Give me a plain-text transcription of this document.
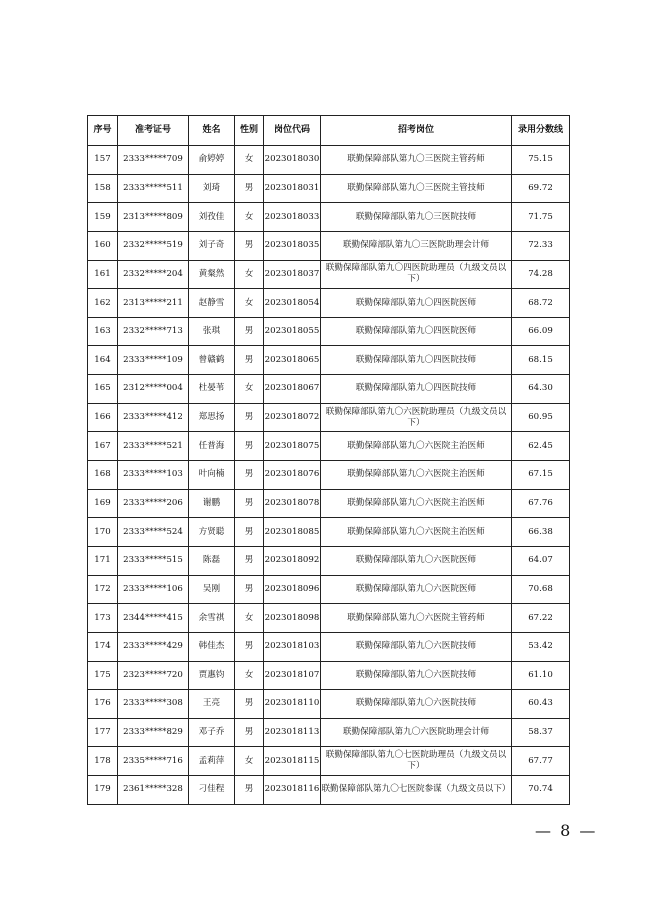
序号	准考证号	姓名	性别	岗位代码	招考岗位	录用分数线
157	2333*****709	俞婷婷	女	2023018030	联勤保障部队第九〇三医院主管药师	75.15
158	2333*****511	刘琦	男	2023018031	联勤保障部队第九〇三医院主管技师	69.72
159	2313*****809	刘孜佳	女	2023018033	联勤保障部队第九〇三医院技师	71.75
160	2332*****519	刘子奇	男	2023018035	联勤保障部队第九〇三医院助理会计师	72.33
161	2332*****204	黄粲然	女	2023018037	联勤保障部队第九〇四医院助理员（九级文员以下）	74.28
162	2313*****211	赵静雪	女	2023018054	联勤保障部队第九〇四医院医师	68.72
163	2332*****713	张琪	男	2023018055	联勤保障部队第九〇四医院医师	66.09
164	2333*****109	曾赣鹤	男	2023018065	联勤保障部队第九〇四医院技师	68.15
165	2312*****004	杜晏苇	女	2023018067	联勤保障部队第九〇四医院技师	64.30
166	2333*****412	郑思扬	男	2023018072	联勤保障部队第九〇六医院助理员（九级文员以下）	60.95
167	2333*****521	任普海	男	2023018075	联勤保障部队第九〇六医院主治医师	62.45
168	2333*****103	叶向楠	男	2023018076	联勤保障部队第九〇六医院主治医师	67.15
169	2333*****206	谢鹏	男	2023018078	联勤保障部队第九〇六医院主治医师	67.76
170	2333*****524	方贤聪	男	2023018085	联勤保障部队第九〇六医院主治医师	66.38
171	2333*****515	陈磊	男	2023018092	联勤保障部队第九〇六医院医师	64.07
172	2333*****106	吴刚	男	2023018096	联勤保障部队第九〇六医院医师	70.68
173	2344*****415	余雪祺	女	2023018098	联勤保障部队第九〇六医院主管药师	67.22
174	2333*****429	韩佳杰	男	2023018103	联勤保障部队第九〇六医院技师	53.42
175	2323*****720	贾惠钧	女	2023018107	联勤保障部队第九〇六医院技师	61.10
176	2333*****308	王亮	男	2023018110	联勤保障部队第九〇六医院技师	60.43
177	2333*****829	邓子乔	男	2023018113	联勤保障部队第九〇六医院助理会计师	58.37
178	2335*****716	孟莉萍	女	2023018115	联勤保障部队第九〇七医院助理员（九级文员以下）	67.77
179	2361*****328	刁佳程	男	2023018116	联勤保障部队第九〇七医院参谋（九级文员以下）	70.74
— 8 —
